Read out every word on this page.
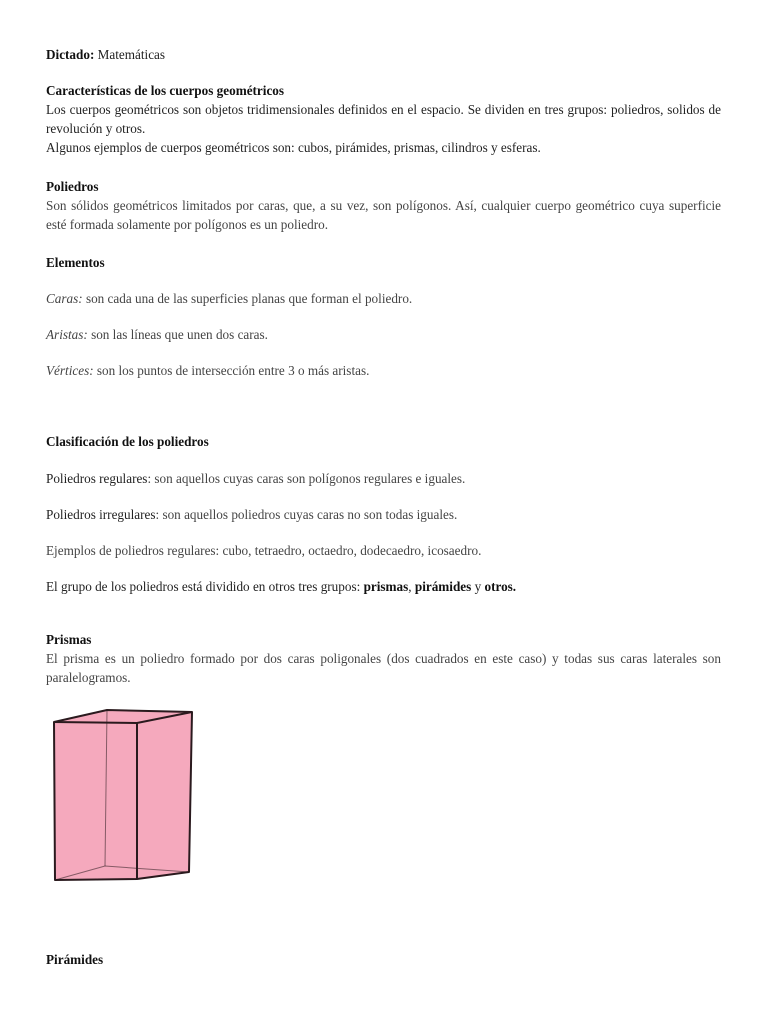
Dictado: Matemáticas
Características de los cuerpos geométricos
Los cuerpos geométricos son objetos tridimensionales definidos en el espacio. Se dividen en tres grupos: poliedros, solidos de revolución y otros.
Algunos ejemplos de cuerpos geométricos son: cubos, pirámides, prismas, cilindros y esferas.
Poliedros
Son sólidos geométricos limitados por caras, que, a su vez, son polígonos. Así, cualquier cuerpo geométrico cuya superficie esté formada solamente por polígonos es un poliedro.
Elementos
Caras: son cada una de las superficies planas que forman el poliedro.
Aristas: son las líneas que unen dos caras.
Vértices: son los puntos de intersección entre 3 o más aristas.
Clasificación de los poliedros
Poliedros regulares: son aquellos cuyas caras son polígonos regulares e iguales.
Poliedros irregulares: son aquellos poliedros cuyas caras no son todas iguales.
Ejemplos de poliedros regulares: cubo, tetraedro, octaedro, dodecaedro, icosaedro.
El grupo de los poliedros está dividido en otros tres grupos: prismas, pirámides y otros.
Prismas
El prisma es un poliedro formado por dos caras poligonales (dos cuadrados en este caso) y todas sus caras laterales son paralelogramos.
Pirámides
